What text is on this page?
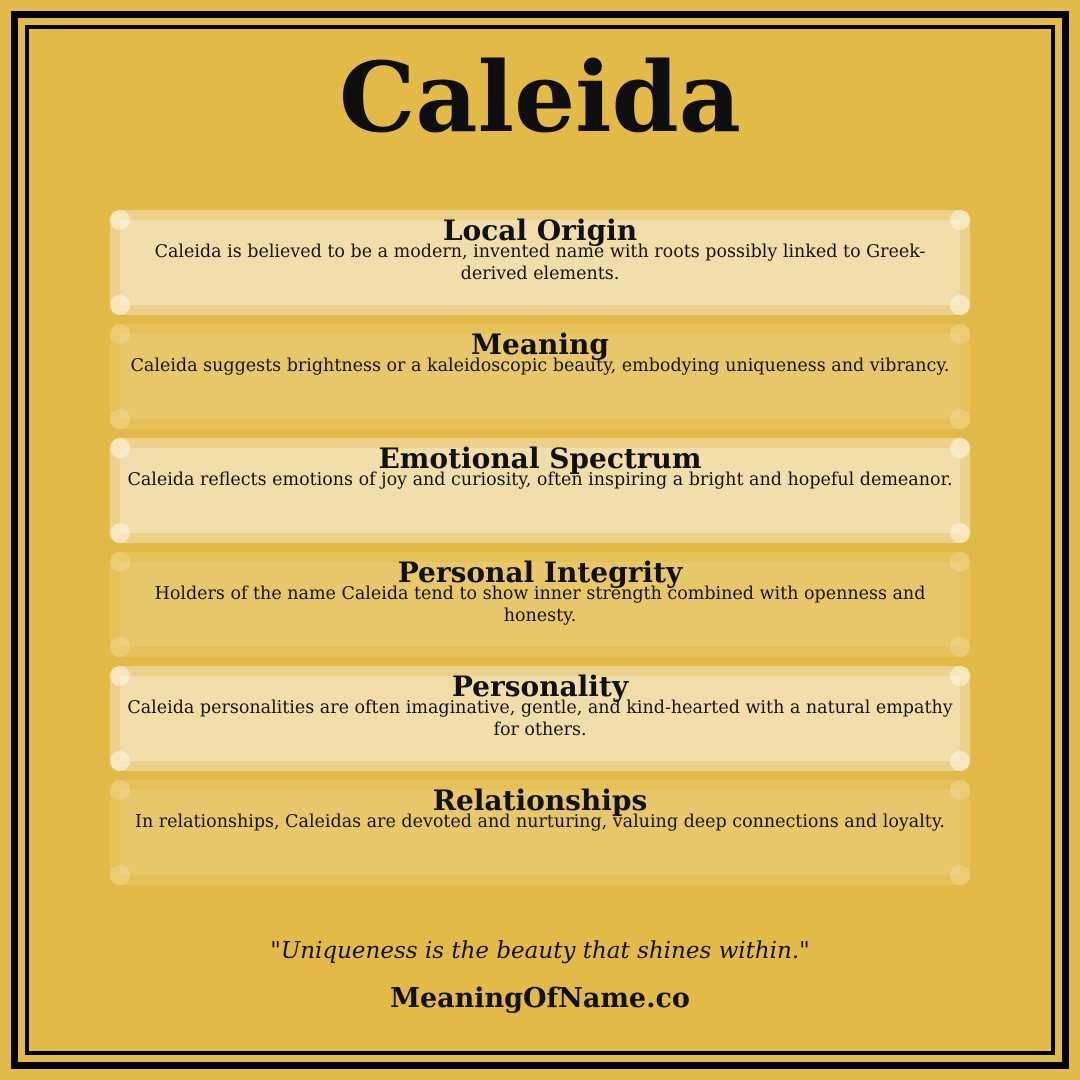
Caleida
Local Origin
Caleida is believed to be a modern, invented name with roots possibly linked to Greek-derived elements.
Meaning
Caleida suggests brightness or a kaleidoscopic beauty, embodying uniqueness and vibrancy.
Emotional Spectrum
Caleida reflects emotions of joy and curiosity, often inspiring a bright and hopeful demeanor.
Personal Integrity
Holders of the name Caleida tend to show inner strength combined with openness and honesty.
Personality
Caleida personalities are often imaginative, gentle, and kind-hearted with a natural empathy for others.
Relationships
In relationships, Caleidas are devoted and nurturing, valuing deep connections and loyalty.
"Uniqueness is the beauty that shines within."
MeaningOfName.co
